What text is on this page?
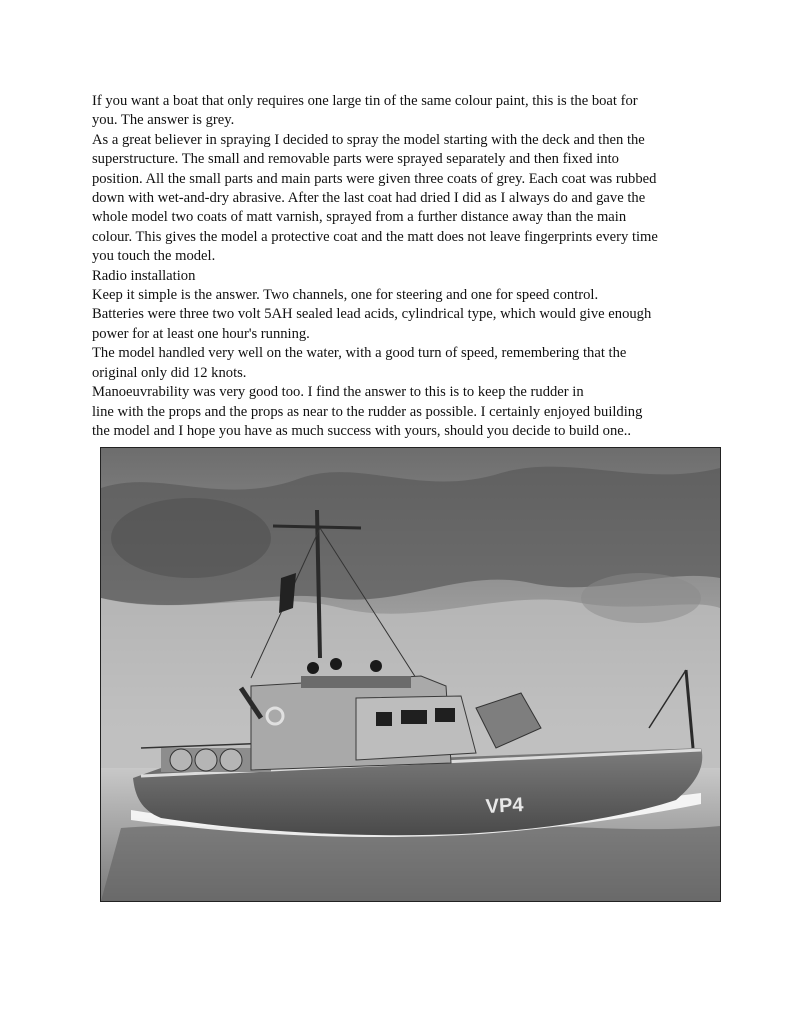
If you want a boat that only requires one large tin of the same colour paint, this is the boat for
you. The answer is grey.
As a great believer in spraying I decided to spray the model starting with the deck and then the
superstructure. The small and removable parts were sprayed separately and then fixed into
position. All the small parts and main parts were given three coats of grey. Each coat was rubbed
down with wet-and-dry abrasive. After the last coat had dried I did as I always do and gave the
whole model two coats of matt varnish, sprayed from a further distance away than the main
colour. This gives the model a protective coat and the matt does not leave fingerprints every time
you touch the model.
Radio installation
Keep it simple is the answer. Two channels, one for steering and one for speed control.
Batteries were three two volt 5AH sealed lead acids, cylindrical type, which would give enough
power for at least one hour's running.
The model handled very well on the water, with a good turn of speed, remembering that the
original only did 12 knots.
Manoeuvrability was very good too. I find the answer to this is to keep the rudder in
line with the props and the props as near to the rudder as possible. I certainly enjoyed building
the model and I hope you have as much success with yours, should you decide to build one..
VP4
